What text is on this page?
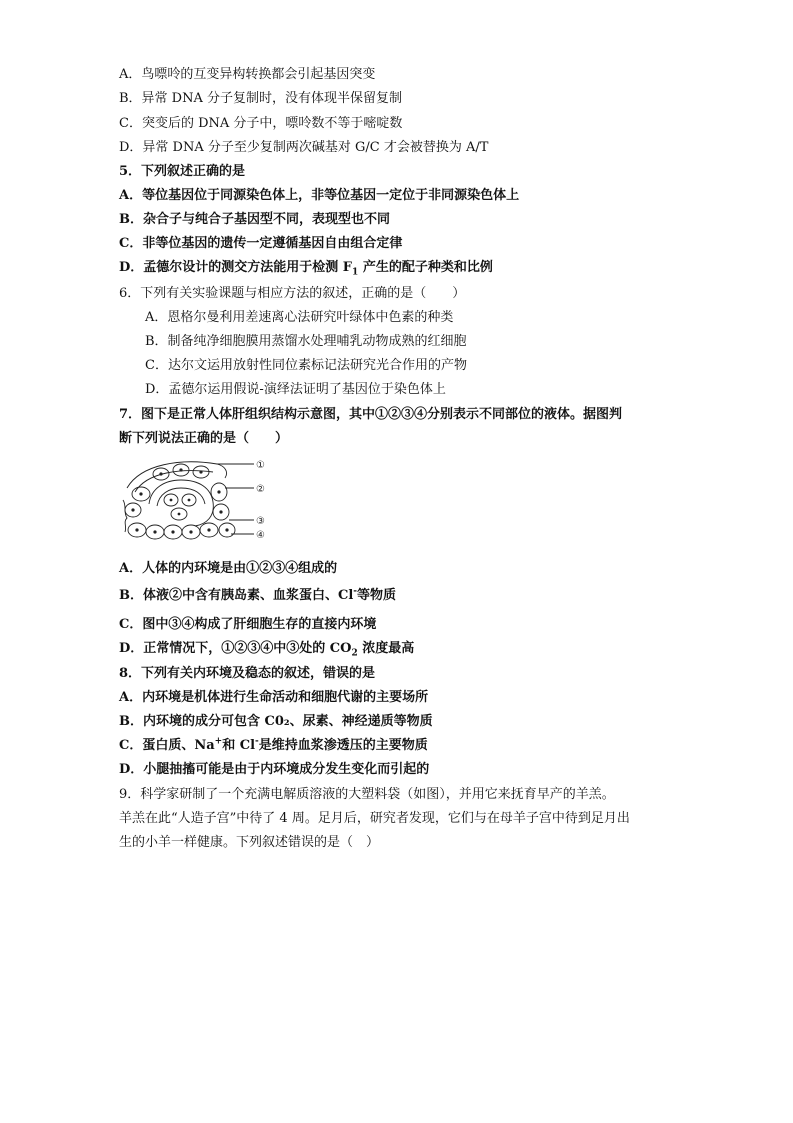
A．鸟嘌呤的互变异构转换都会引起基因突变
B．异常 DNA 分子复制时，没有体现半保留复制
C．突变后的 DNA 分子中，嘌呤数不等于嘧啶数
D．异常 DNA 分子至少复制两次碱基对 G/C 才会被替换为 A/T
5．下列叙述正确的是
A．等位基因位于同源染色体上，非等位基因一定位于非同源染色体上
B．杂合子与纯合子基因型不同，表现型也不同
C．非等位基因的遗传一定遵循基因自由组合定律
D．孟德尔设计的测交方法能用于检测 $F_1$ 产生的配子种类和比例
6．下列有关实验课题与相应方法的叙述，正确的是（　　）
A．恩格尔曼利用差速离心法研究叶绿体中色素的种类
B．制备纯净细胞膜用蒸馏水处理哺乳动物成熟的红细胞
C．达尔文运用放射性同位素标记法研究光合作用的产物
D．孟德尔运用假说-演绎法证明了基因位于染色体上
7．图下是正常人体肝组织结构示意图，其中①②③④分别表示不同部位的液体。据图判
断下列说法正确的是（　　）
①
②
③
④
A．人体的内环境是由①②③④组成的
B．体液②中含有胰岛素、血浆蛋白、Cl-等物质
C．图中③④构成了肝细胞生存的直接内环境
D．正常情况下，①②③④中③处的 $CO_2$ 浓度最高
8．下列有关内环境及稳态的叙述，错误的是
A．内环境是机体进行生命活动和细胞代谢的主要场所
B．内环境的成分可包含 C0₂、尿素、神经递质等物质
C．蛋白质、Na+和 Cl-是维持血浆渗透压的主要物质
D．小腿抽搐可能是由于内环境成分发生变化而引起的
9．科学家研制了一个充满电解质溶液的大塑料袋（如图），并用它来抚育早产的羊羔。
羊羔在此“人造子宫”中待了 4 周。足月后，研究者发现，它们与在母羊子宫中待到足月出
生的小羊一样健康。下列叙述错误的是（　）
